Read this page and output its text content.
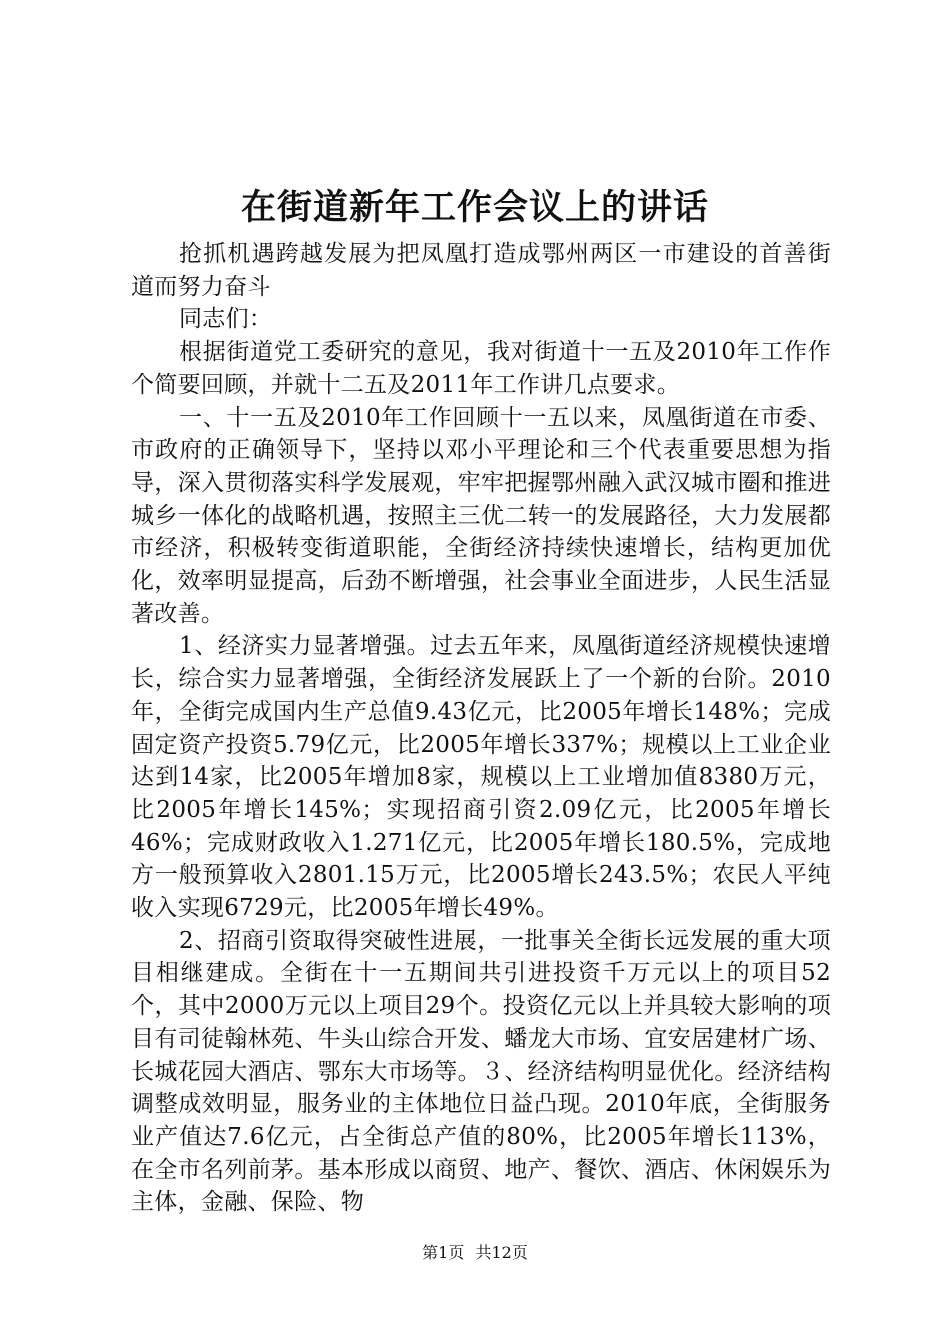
在街道新年工作会议上的讲话

抢抓机遇跨越发展为把凤凰打造成鄂州两区一市建设的首善街道而努力奋斗

同志们：

根据街道党工委研究的意见，我对街道十一五及2010年工作作个简要回顾，并就十二五及2011年工作讲几点要求。

一、十一五及2010年工作回顾十一五以来，凤凰街道在市委、市政府的正确领导下，坚持以邓小平理论和三个代表重要思想为指导，深入贯彻落实科学发展观，牢牢把握鄂州融入武汉城市圈和推进城乡一体化的战略机遇，按照主三优二转一的发展路径，大力发展都市经济，积极转变街道职能，全街经济持续快速增长，结构更加优化，效率明显提高，后劲不断增强，社会事业全面进步，人民生活显著改善。

1、经济实力显著增强。过去五年来，凤凰街道经济规模快速增长，综合实力显著增强，全街经济发展跃上了一个新的台阶。2010年，全街完成国内生产总值9.43亿元，比2005年增长148%；完成固定资产投资5.79亿元，比2005年增长337%；规模以上工业企业达到14家，比2005年增加8家，规模以上工业增加值8380万元，比2005年增长145%；实现招商引资2.09亿元，比2005年增长46%；完成财政收入1.271亿元，比2005年增长180.5%，完成地方一般预算收入2801.15万元，比2005增长243.5%；农民人平纯收入实现6729元，比2005年增长49%。

2、招商引资取得突破性进展，一批事关全街长远发展的重大项目相继建成。全街在十一五期间共引进投资千万元以上的项目52个，其中2000万元以上项目29个。投资亿元以上并具较大影响的项目有司徒翰林苑、牛头山综合开发、蟠龙大市场、宜安居建材广场、长城花园大酒店、鄂东大市场等。３、经济结构明显优化。经济结构调整成效明显，服务业的主体地位日益凸现。2010年底，全街服务业产值达7.6亿元，占全街总产值的80%，比2005年增长113%，在全市名列前茅。基本形成以商贸、地产、餐饮、酒店、休闲娱乐为主体，金融、保险、物

第1页 共12页
